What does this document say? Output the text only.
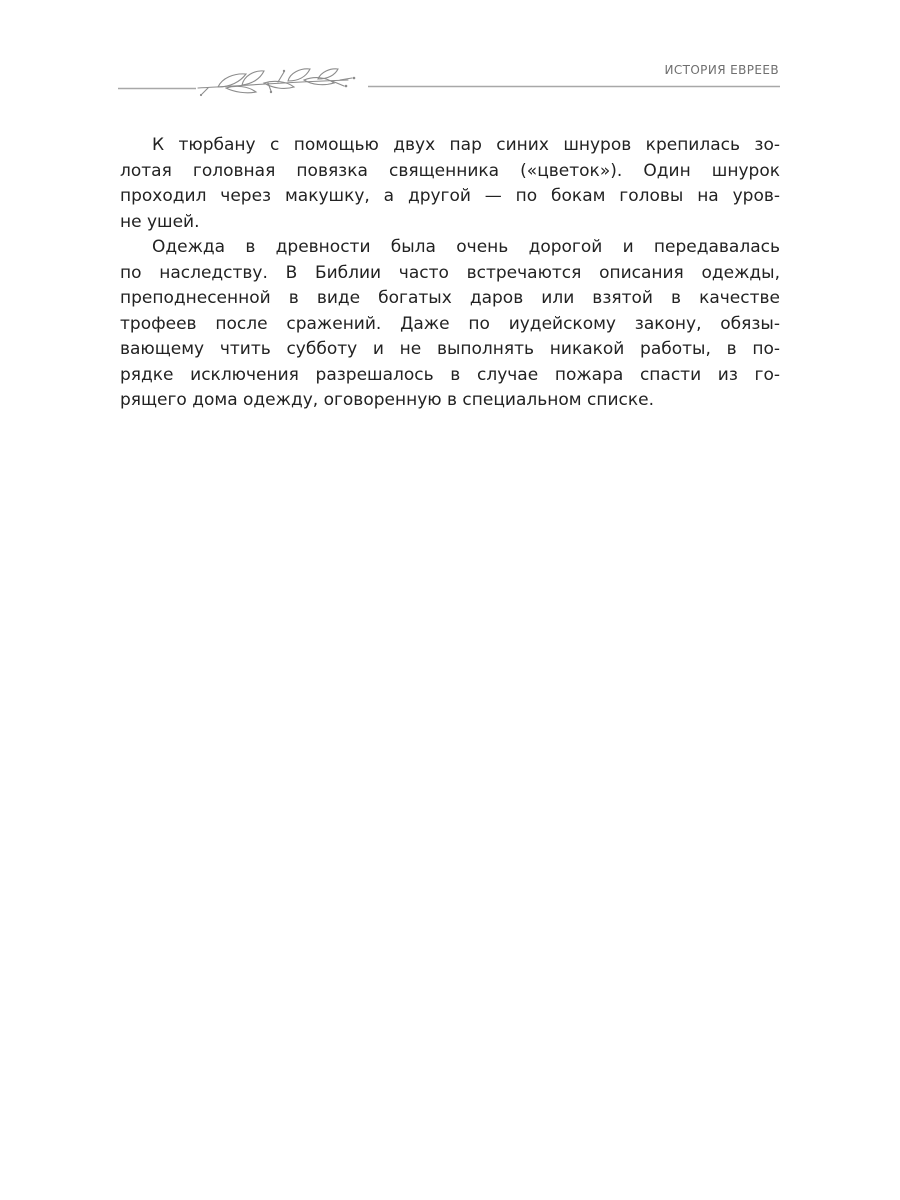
ИСТОРИЯ ЕВРЕЕВ
К тюрбану с помощью двух пар синих шнуров крепилась зо-
лотая головная повязка священника («цветок»). Один шнурок
проходил через макушку, а другой — по бокам головы на уров-
не ушей.
Одежда в древности была очень дорогой и передавалась
по наследству. В Библии часто встречаются описания одежды,
преподнесенной в виде богатых даров или взятой в качестве
трофеев после сражений. Даже по иудейскому закону, обязы-
вающему чтить субботу и не выполнять никакой работы, в по-
рядке исключения разрешалось в случае пожара спасти из го-
рящего дома одежду, оговоренную в специальном списке.
